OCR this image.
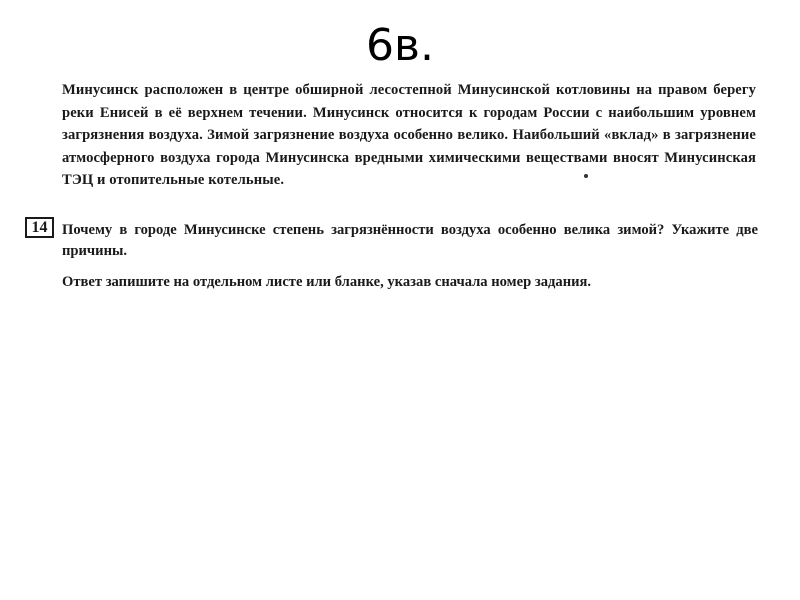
6в.
Минусинск расположен в центре обширной лесостепной Минусинской котловины на правом берегу реки Енисей в её верхнем течении. Минусинск относится к городам России с наибольшим уровнем загрязнения воздуха. Зимой загрязнение воздуха особенно велико. Наибольший «вклад» в загрязнение атмосферного воздуха города Минусинска вредными химическими веществами вносят Минусинская ТЭЦ и отопительные котельные.
14 Почему в городе Минусинске степень загрязнённости воздуха особенно велика зимой? Укажите две причины.
Ответ запишите на отдельном листе или бланке, указав сначала номер задания.
